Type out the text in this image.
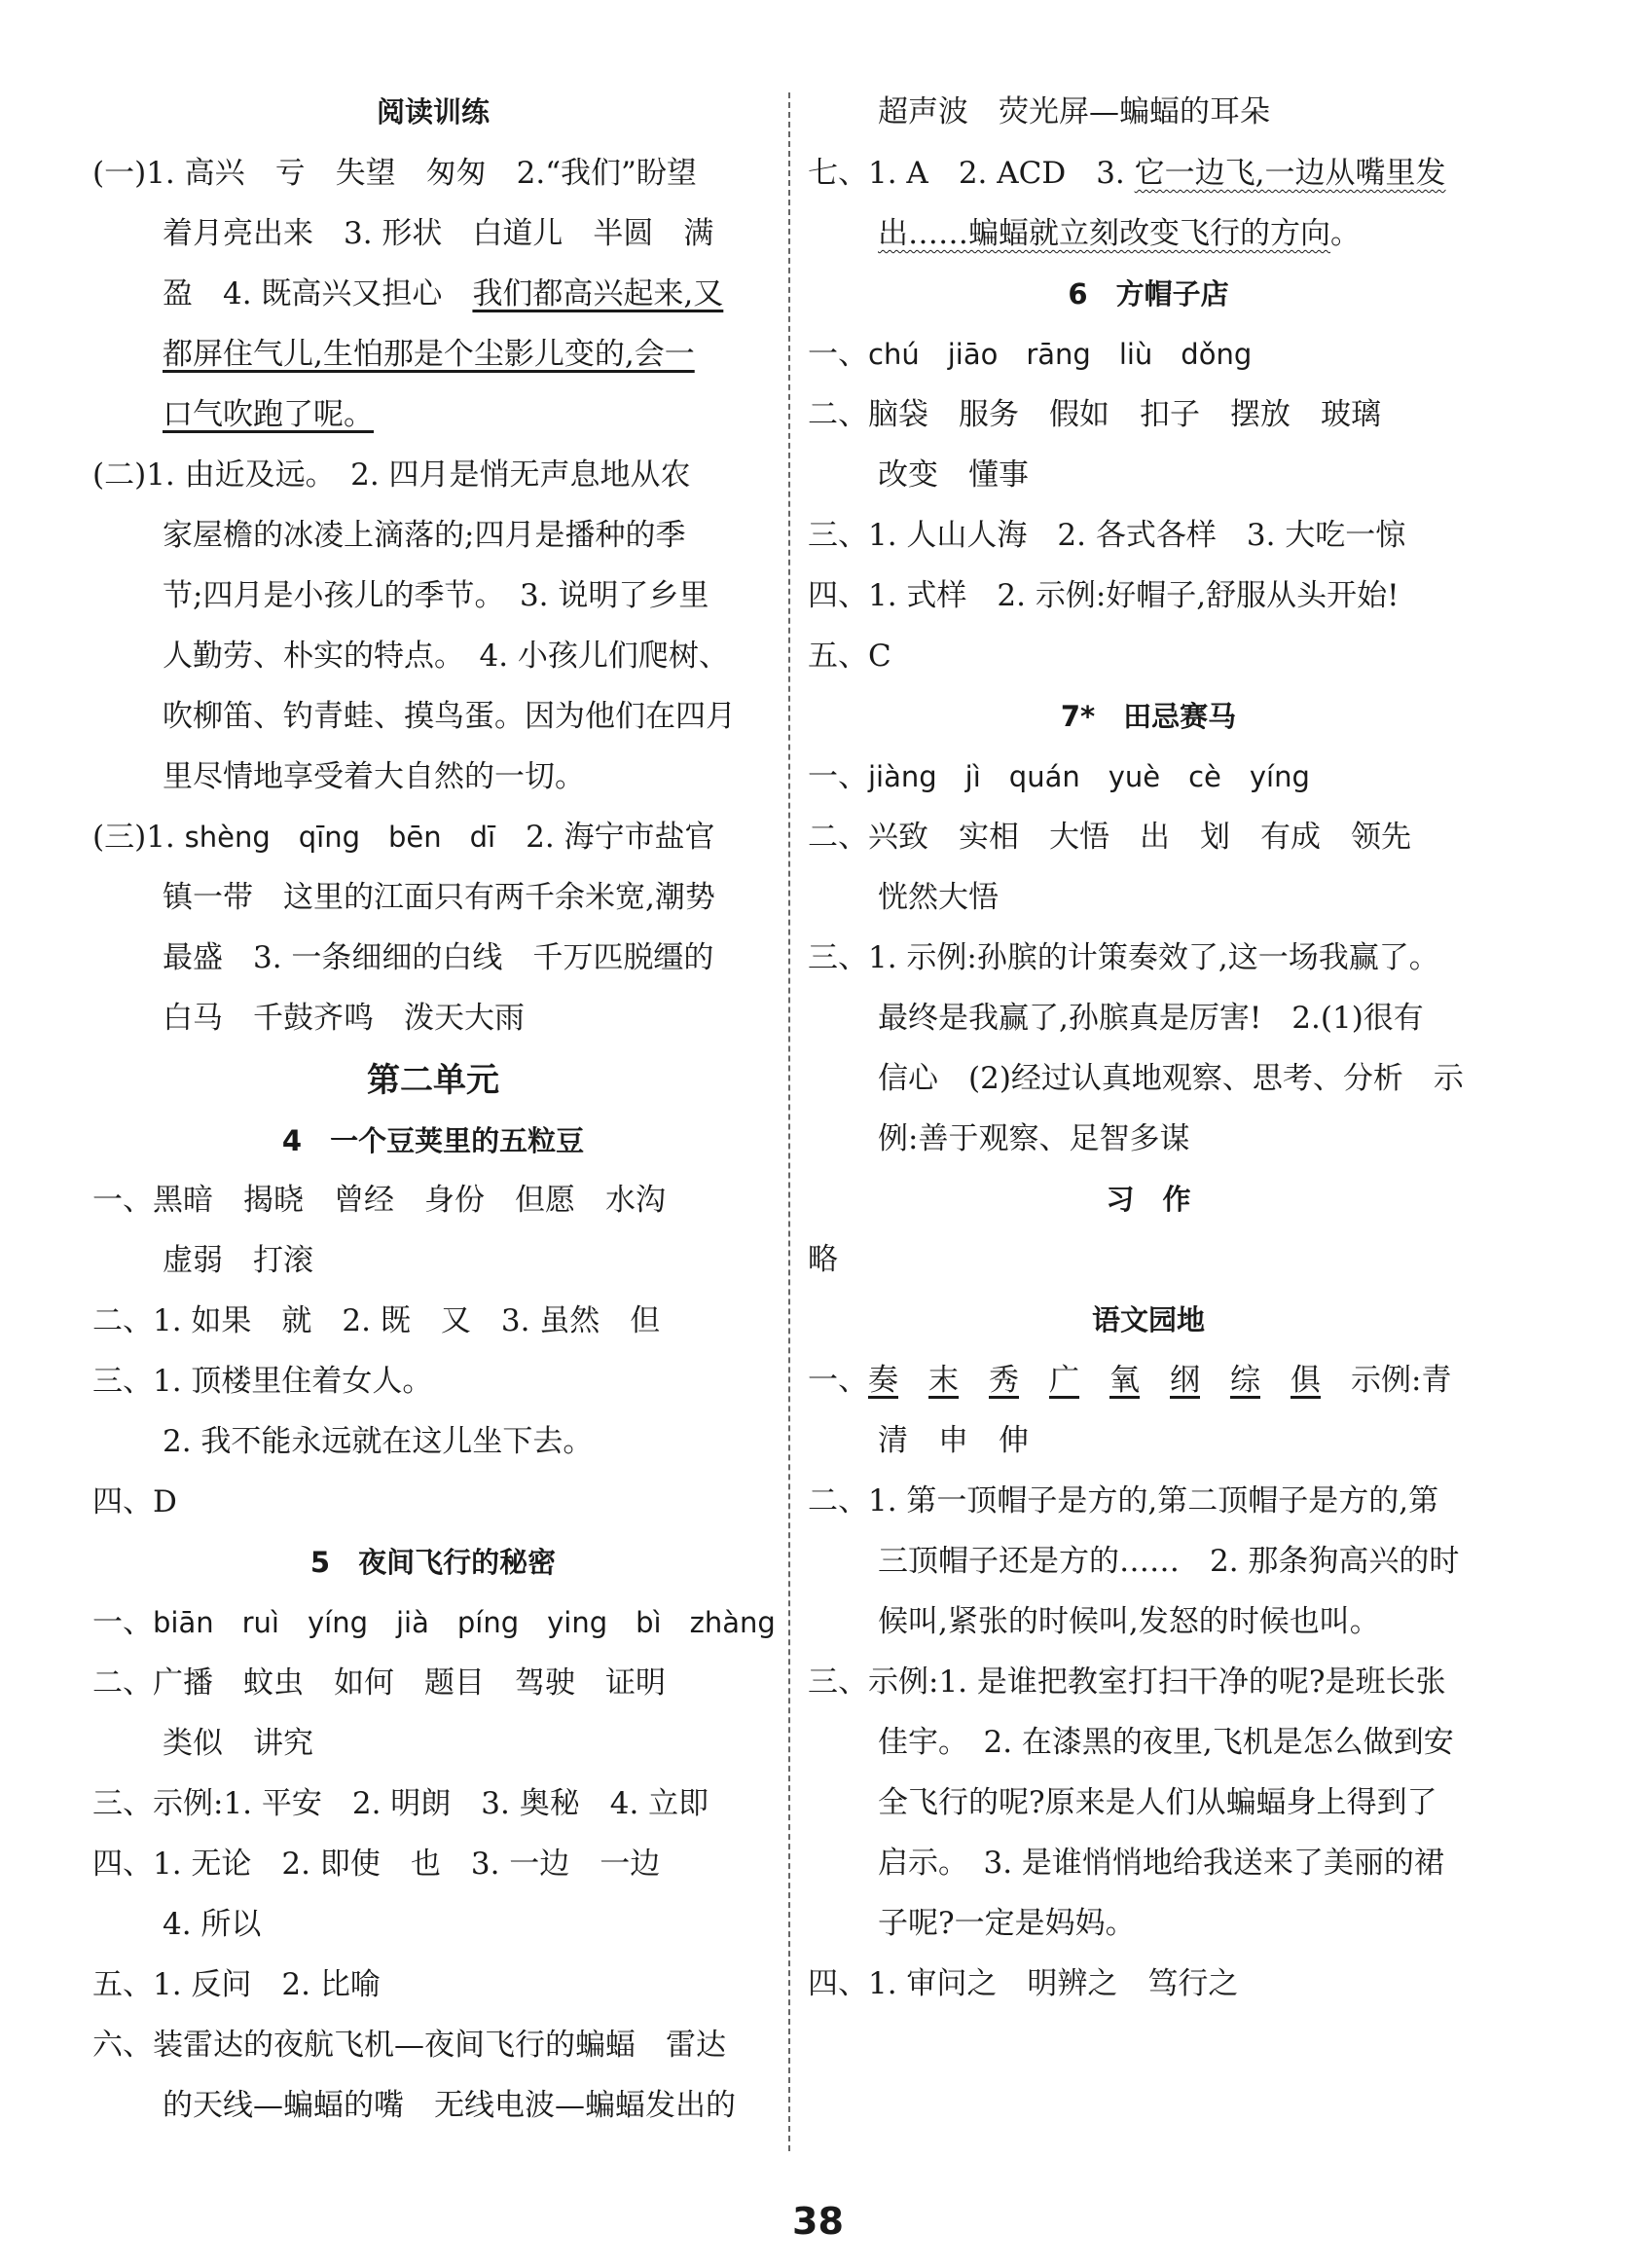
阅读训练
(一)1. 高兴　亏　失望　匆匆　2.“我们”盼望
着月亮出来　3. 形状　白道儿　半圆　满
盈　4. 既高兴又担心　我们都高兴起来,又
都屏住气儿,生怕那是个尘影儿变的,会一
口气吹跑了呢。
(二)1. 由近及远。　2. 四月是悄无声息地从农
家屋檐的冰凌上滴落的;四月是播种的季
节;四月是小孩儿的季节。　3. 说明了乡里
人勤劳、朴实的特点。　4. 小孩儿们爬树、
吹柳笛、钓青蛙、摸鸟蛋。因为他们在四月
里尽情地享受着大自然的一切。
(三)1. shèng　qīng　bēn　dī　2. 海宁市盐官
镇一带　这里的江面只有两千余米宽,潮势
最盛　3. 一条细细的白线　千万匹脱缰的
白马　千鼓齐鸣　泼天大雨
第二单元
4　一个豆荚里的五粒豆
一、黑暗　揭晓　曾经　身份　但愿　水沟
虚弱　打滚
二、1. 如果　就　2. 既　又　3. 虽然　但
三、1. 顶楼里住着女人。
2. 我不能永远就在这儿坐下去。
四、D
5　夜间飞行的秘密
一、biān　ruì　yíng　jià　píng　ying　bì　zhàng
二、广播　蚊虫　如何　题目　驾驶　证明
类似　讲究
三、示例:1. 平安　2. 明朗　3. 奥秘　4. 立即
四、1. 无论　2. 即使　也　3. 一边　一边
4. 所以
五、1. 反问　2. 比喻
六、装雷达的夜航飞机—夜间飞行的蝙蝠　雷达
的天线—蝙蝠的嘴　无线电波—蝙蝠发出的
超声波　荧光屏—蝙蝠的耳朵
七、1. A　2. ACD　3. 它一边飞,一边从嘴里发
出……蝙蝠就立刻改变飞行的方向。
6　方帽子店
一、chú　jiāo　rāng　liù　dǒng
二、脑袋　服务　假如　扣子　摆放　玻璃
改变　懂事
三、1. 人山人海　2. 各式各样　3. 大吃一惊
四、1. 式样　2. 示例:好帽子,舒服从头开始!
五、C
7*　田忌赛马
一、jiàng　jì　quán　yuè　cè　yíng
二、兴致　实相　大悟　出　划　有成　领先
恍然大悟
三、1. 示例:孙膑的计策奏效了,这一场我赢了。
最终是我赢了,孙膑真是厉害!　2.(1)很有
信心　(2)经过认真地观察、思考、分析　示
例:善于观察、足智多谋
习　作
略
语文园地
一、奏　 末　 秀　 广　 氧　 纲　 综　 俱　 示例:青
清　申　伸
二、1. 第一顶帽子是方的,第二顶帽子是方的,第
三顶帽子还是方的……　2. 那条狗高兴的时
候叫,紧张的时候叫,发怒的时候也叫。
三、示例:1. 是谁把教室打扫干净的呢?是班长张
佳宇。　2. 在漆黑的夜里,飞机是怎么做到安
全飞行的呢?原来是人们从蝙蝠身上得到了
启示。　3. 是谁悄悄地给我送来了美丽的裙
子呢?一定是妈妈。
四、1. 审问之　明辨之　笃行之
38
